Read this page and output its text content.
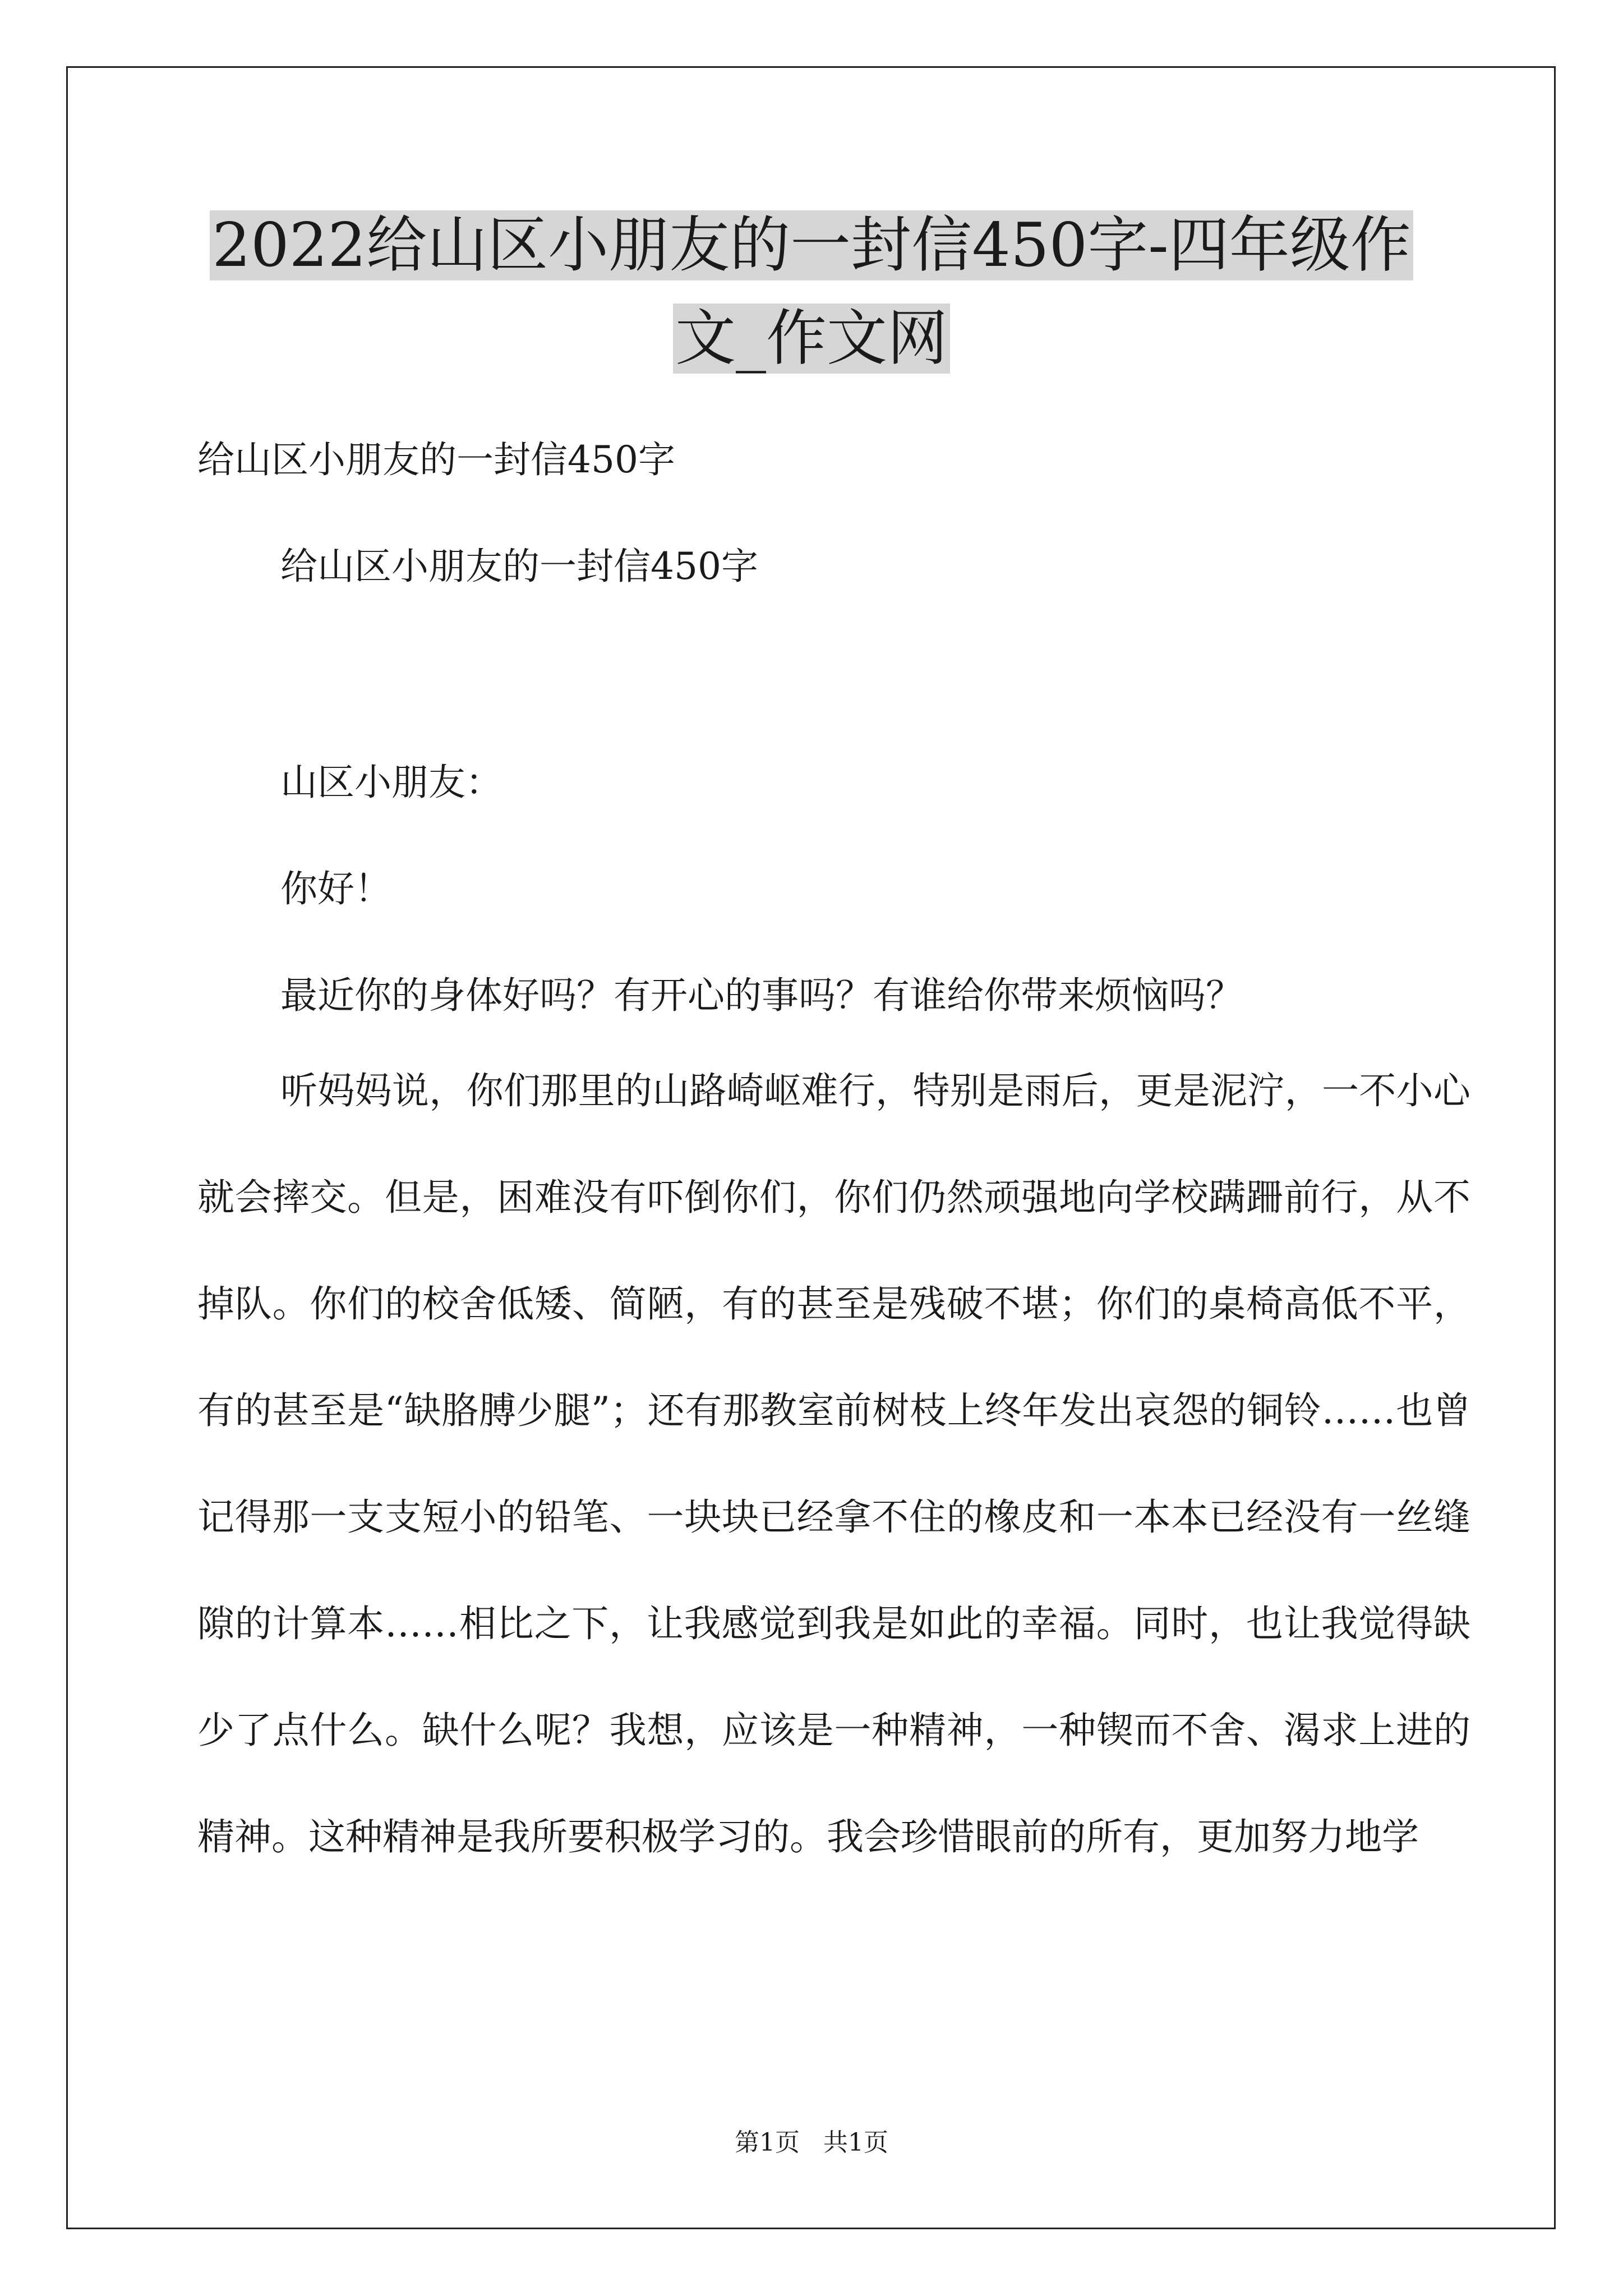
2022给山区小朋友的一封信450字-四年级作文_作文网

给山区小朋友的一封信450字

给山区小朋友的一封信450字

山区小朋友：

你好！

最近你的身体好吗？有开心的事吗？有谁给你带来烦恼吗？

听妈妈说，你们那里的山路崎岖难行，特别是雨后，更是泥泞，一不小心就会摔交。但是，困难没有吓倒你们，你们仍然顽强地向学校蹒跚前行，从不掉队。你们的校舍低矮、简陋，有的甚至是残破不堪；你们的桌椅高低不平，有的甚至是“缺胳膊少腿”；还有那教室前树枝上终年发出哀怨的铜铃……也曾记得那一支支短小的铅笔、一块块已经拿不住的橡皮和一本本已经没有一丝缝隙的计算本……相比之下，让我感觉到我是如此的幸福。同时，也让我觉得缺少了点什么。缺什么呢？我想，应该是一种精神，一种锲而不舍、渴求上进的精神。这种精神是我所要积极学习的。我会珍惜眼前的所有，更加努力地学

第1页   共1页
